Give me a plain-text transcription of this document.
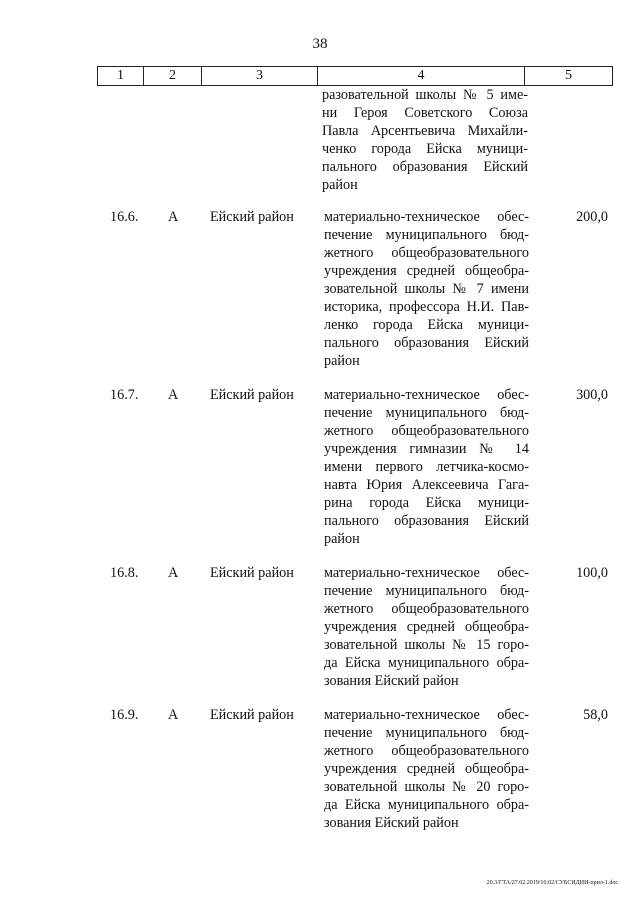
38
1	2	3	4	5
разовательной школы № 5 име-
ни Героя Советского Союза
Павла Арсентьевича Михайли-
ченко города Ейска муници-
пального образования Ейский
район
16.6. А Ейский район материально-техническое обес-
печение муниципального бюд-
жетного общеобразовательного
учреждения средней общеобра-
зовательной школы № 7 имени
историка, профессора Н.И. Пав-
ленко города Ейска муници-
пального образования Ейский
район
200,0
16.7. А Ейский район материально-техническое обес-
печение муниципального бюд-
жетного общеобразовательного
учреждения гимназии № 14
имени первого летчика-космо-
навта Юрия Алексеевича Гага-
рина города Ейска муници-
пального образования Ейский
район
300,0
16.8. А Ейский район материально-техническое обес-
печение муниципального бюд-
жетного общеобразовательного
учреждения средней общеобра-
зовательной школы № 15 горо-
да Ейска муниципального обра-
зования Ейский район
100,0
16.9. А Ейский район материально-техническое обес-
печение муниципального бюд-
жетного общеобразовательного
учреждения средней общеобра-
зовательной школы № 20 горо-
да Ейска муниципального обра-
зования Ейский район
58,0
20.3/ГТА/27.02.2019/16:02/СУБСИДИИ-прил-1.doc
